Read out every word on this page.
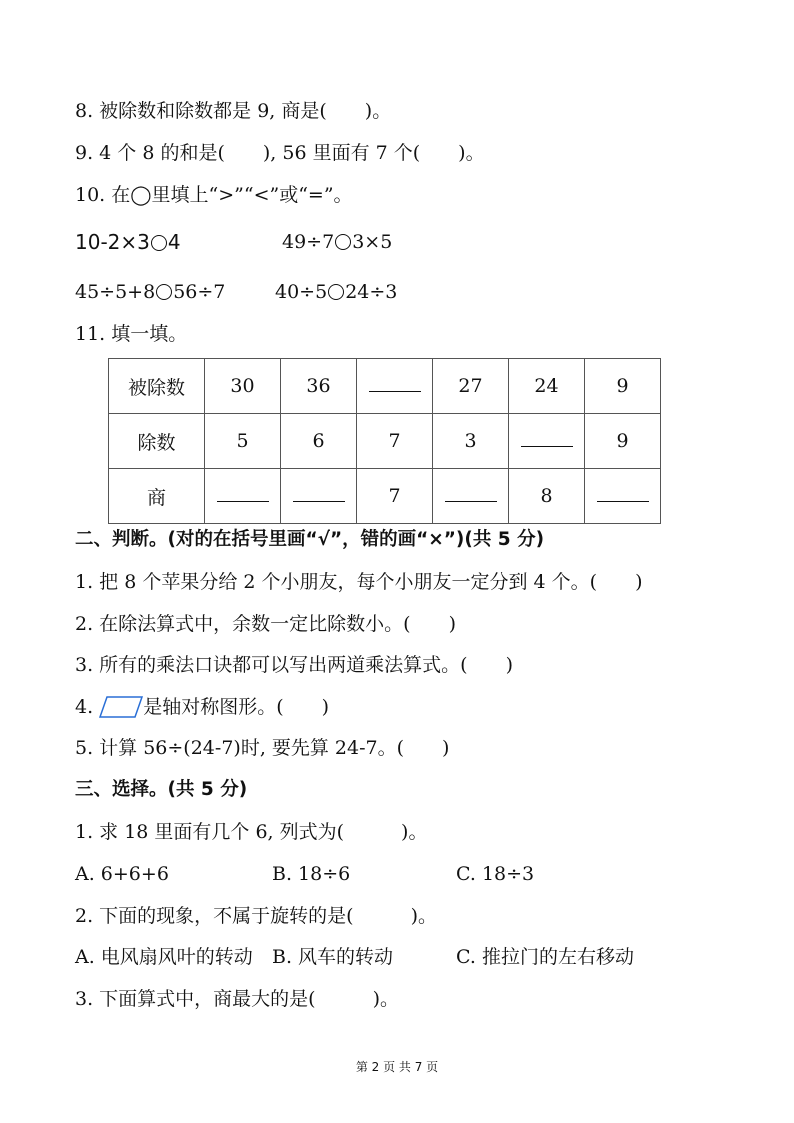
8. 被除数和除数都是 9, 商是(　　)。
9. 4 个 8 的和是(　　), 56 里面有 7 个(　　)。
10. 在◯里填上“>”“<”或“=”。
10-2×3 4	49÷7 3×5
45÷5+8 56÷7	40÷5 24÷3
11. 填一填。
被除数	30	36		27	24	9
除数	5	6	7	3		9
商			7		8	
二、判断。(对的在括号里画“√”，错的画“×”)(共 5 分)
1. 把 8 个苹果分给 2 个小朋友，每个小朋友一定分到 4 个。(　　)
2. 在除法算式中，余数一定比除数小。(　　)
3. 所有的乘法口诀都可以写出两道乘法算式。(　　)
4.	是轴对称图形。(　　)
5. 计算 56÷(24-7)时, 要先算 24-7。(　　)
三、选择。(共 5 分)
1. 求 18 里面有几个 6, 列式为(　　　)。
A. 6+6+6	B. 18÷6	C. 18÷3
2. 下面的现象，不属于旋转的是(　　　)。
A. 电风扇风叶的转动 B. 风车的转动	C. 推拉门的左右移动
3. 下面算式中，商最大的是(　　　)。
第 2 页 共 7 页
